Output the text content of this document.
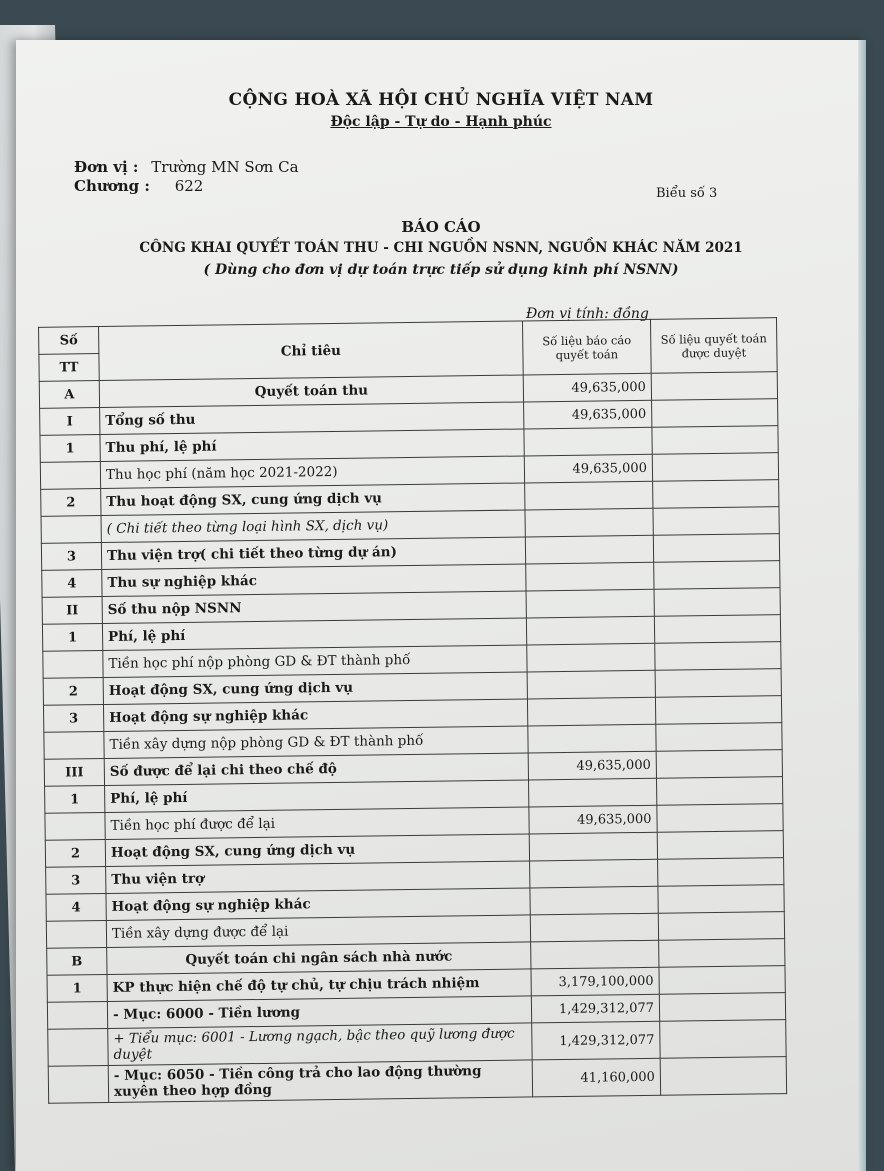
CỘNG HOÀ XÃ HỘI CHỦ NGHĨA VIỆT NAM
Độc lập - Tự do - Hạnh phúc
Đơn vị : Trường MN Sơn Ca
Chương : 622	Biểu số 3
BÁO CÁO
CÔNG KHAI QUYẾT TOÁN THU - CHI NGUỒN NSNN, NGUỒN KHÁC NĂM 2021
( Dùng cho đơn vị dự toán trực tiếp sử dụng kinh phí NSNN)
Đơn vị tính: đồng
Số	Chỉ tiêu	Số liệu báo cáo quyết toán	Số liệu quyết toán được duyệt
TT			
A	Quyết toán thu	49,635,000	
I	Tổng số thu	49,635,000	
1	Thu phí, lệ phí		
	Thu học phí (năm học 2021-2022)	49,635,000	
2	Thu hoạt động SX, cung ứng dịch vụ		
	( Chi tiết theo từng loại hình SX, dịch vụ)		
3	Thu viện trợ( chi tiết theo từng dự án)		
4	Thu sự nghiệp khác		
II	Số thu nộp NSNN		
1	Phí, lệ phí		
	Tiền học phí nộp phòng GD & ĐT thành phố		
2	Hoạt động SX, cung ứng dịch vụ		
3	Hoạt động sự nghiệp khác		
	Tiền xây dựng nộp phòng GD & ĐT thành phố		
III	Số được để lại chi theo chế độ	49,635,000	
1	Phí, lệ phí		
	Tiền học phí được để lại	49,635,000	
2	Hoạt động SX, cung ứng dịch vụ		
3	Thu viện trợ		
4	Hoạt động sự nghiệp khác		
	Tiền xây dựng được để lại		
B	Quyết toán chi ngân sách nhà nước		
1	KP thực hiện chế độ tự chủ, tự chịu trách nhiệm	3,179,100,000	
	- Mục: 6000 - Tiền lương	1,429,312,077	
	+ Tiểu mục: 6001 - Lương ngạch, bậc theo quỹ lương được duyệt	1,429,312,077	
	- Mục: 6050 - Tiền công trả cho lao động thường xuyên theo hợp đồng	41,160,000	
